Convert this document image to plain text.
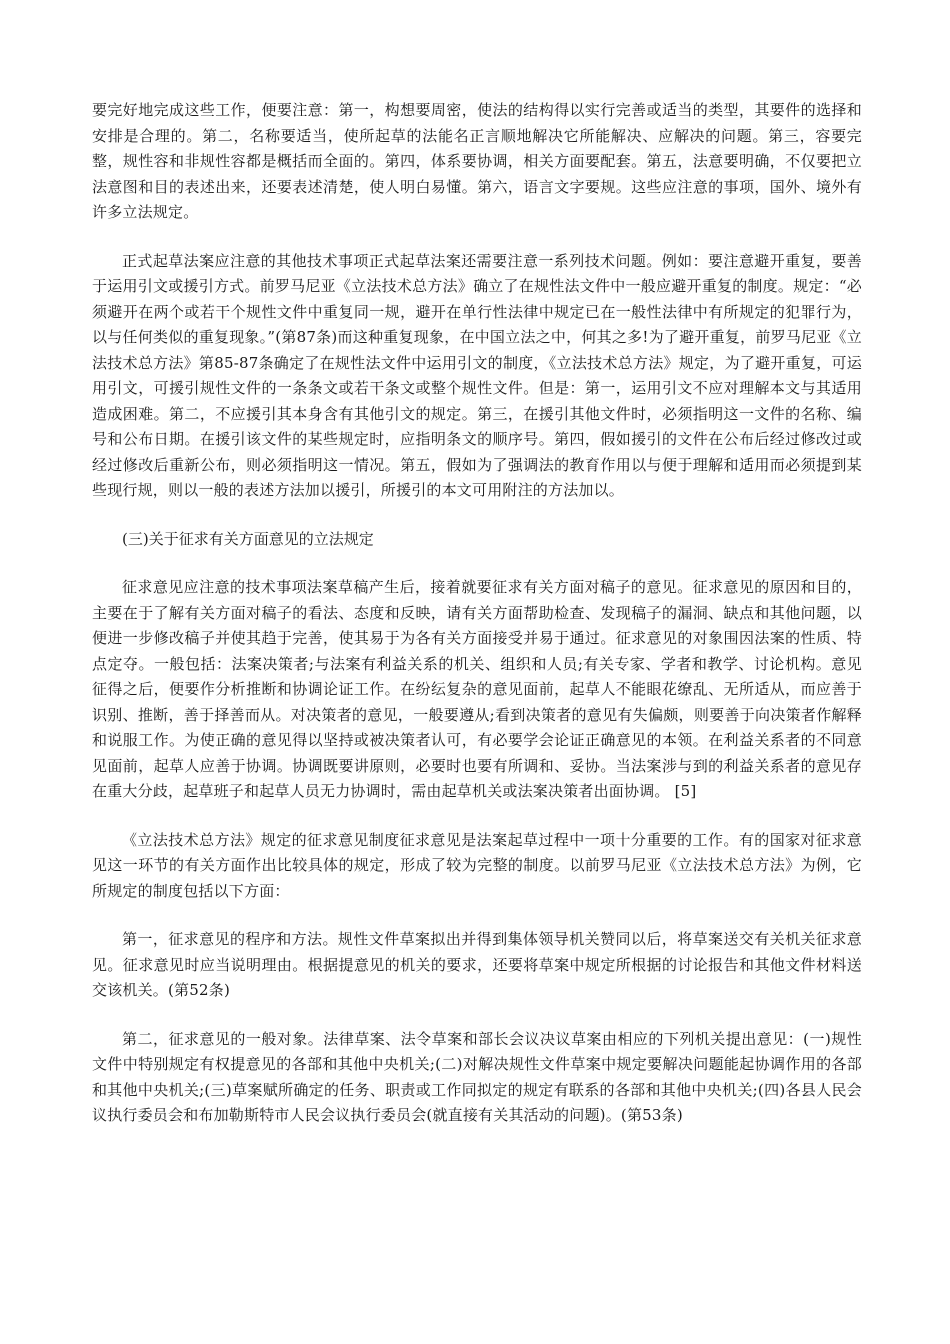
要完好地完成这些工作，便要注意：第一，构想要周密，使法的结构得以实行完善或适当的类型，其要件的选择和安排是合理的。第二，名称要适当，使所起草的法能名正言顺地解决它所能解决、应解决的问题。第三，容要完整，规性容和非规性容都是概括而全面的。第四，体系要协调，相关方面要配套。第五，法意要明确，不仅要把立法意图和目的表述出来，还要表述清楚，使人明白易懂。第六，语言文字要规。这些应注意的事项，国外、境外有许多立法规定。

正式起草法案应注意的其他技术事项正式起草法案还需要注意一系列技术问题。例如：要注意避开重复，要善于运用引文或援引方式。前罗马尼亚《立法技术总方法》确立了在规性法文件中一般应避开重复的制度。规定：“必须避开在两个或若干个规性文件中重复同一规，避开在单行性法律中规定已在一般性法律中有所规定的犯罪行为，以与任何类似的重复现象。”(第87条)而这种重复现象，在中国立法之中，何其之多!为了避开重复，前罗马尼亚《立法技术总方法》第85-87条确定了在规性法文件中运用引文的制度，《立法技术总方法》规定，为了避开重复，可运用引文，可援引规性文件的一条条文或若干条文或整个规性文件。但是：第一，运用引文不应对理解本文与其适用造成困难。第二，不应援引其本身含有其他引文的规定。第三，在援引其他文件时，必须指明这一文件的名称、编号和公布日期。在援引该文件的某些规定时，应指明条文的顺序号。第四，假如援引的文件在公布后经过修改过或经过修改后重新公布，则必须指明这一情况。第五，假如为了强调法的教育作用以与便于理解和适用而必须提到某些现行规，则以一般的表述方法加以援引，所援引的本文可用附注的方法加以。

(三)关于征求有关方面意见的立法规定

征求意见应注意的技术事项法案草稿产生后，接着就要征求有关方面对稿子的意见。征求意见的原因和目的，主要在于了解有关方面对稿子的看法、态度和反映，请有关方面帮助检查、发现稿子的漏洞、缺点和其他问题，以便进一步修改稿子并使其趋于完善，使其易于为各有关方面接受并易于通过。征求意见的对象围因法案的性质、特点定夺。一般包括：法案决策者;与法案有利益关系的机关、组织和人员;有关专家、学者和教学、讨论机构。意见征得之后，便要作分析推断和协调论证工作。在纷纭复杂的意见面前，起草人不能眼花缭乱、无所适从，而应善于识别、推断，善于择善而从。对决策者的意见，一般要遵从;看到决策者的意见有失偏颇，则要善于向决策者作解释和说服工作。为使正确的意见得以坚持或被决策者认可，有必要学会论证正确意见的本领。在利益关系者的不同意见面前，起草人应善于协调。协调既要讲原则，必要时也要有所调和、妥协。当法案涉与到的利益关系者的意见存在重大分歧，起草班子和起草人员无力协调时，需由起草机关或法案决策者出面协调。 [5]

《立法技术总方法》规定的征求意见制度征求意见是法案起草过程中一项十分重要的工作。有的国家对征求意见这一环节的有关方面作出比较具体的规定，形成了较为完整的制度。以前罗马尼亚《立法技术总方法》为例，它所规定的制度包括以下方面：

第一，征求意见的程序和方法。规性文件草案拟出并得到集体领导机关赞同以后，将草案送交有关机关征求意见。征求意见时应当说明理由。根据提意见的机关的要求，还要将草案中规定所根据的讨论报告和其他文件材料送交该机关。(第52条)

第二，征求意见的一般对象。法律草案、法令草案和部长会议决议草案由相应的下列机关提出意见：(一)规性文件中特别规定有权提意见的各部和其他中央机关;(二)对解决规性文件草案中规定要解决问题能起协调作用的各部和其他中央机关;(三)草案赋所确定的任务、职责或工作同拟定的规定有联系的各部和其他中央机关;(四)各县人民会议执行委员会和布加勒斯特市人民会议执行委员会(就直接有关其活动的问题)。(第53条)
